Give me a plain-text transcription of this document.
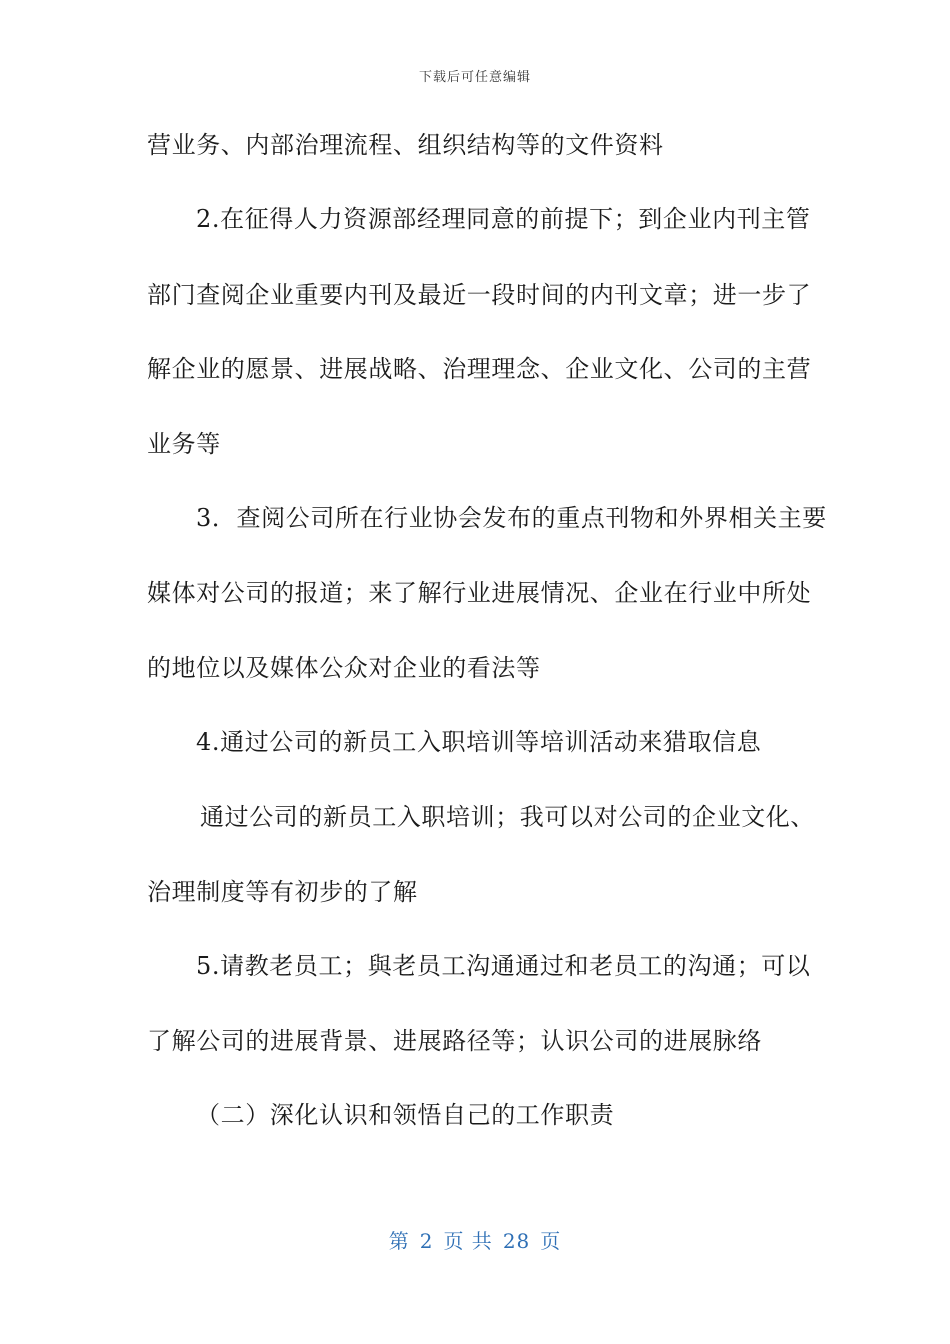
下载后可任意编辑
营业务、内部治理流程、组织结构等的文件资料
2.在征得人力资源部经理同意的前提下；到企业内刊主管
部门查阅企业重要内刊及最近一段时间的内刊文章；进一步了
解企业的愿景、进展战略、治理理念、企业文化、公司的主营
业务等
3．查阅公司所在行业协会发布的重点刊物和外界相关主要
媒体对公司的报道；来了解行业进展情况、企业在行业中所处
的地位以及媒体公众对企业的看法等
4.通过公司的新员工入职培训等培训活动来猎取信息
通过公司的新员工入职培训；我可以对公司的企业文化、
治理制度等有初步的了解
5.请教老员工；與老员工沟通通过和老员工的沟通；可以
了解公司的进展背景、进展路径等；认识公司的进展脉络
（二）深化认识和领悟自己的工作职责
第 2 页 共 28 页
